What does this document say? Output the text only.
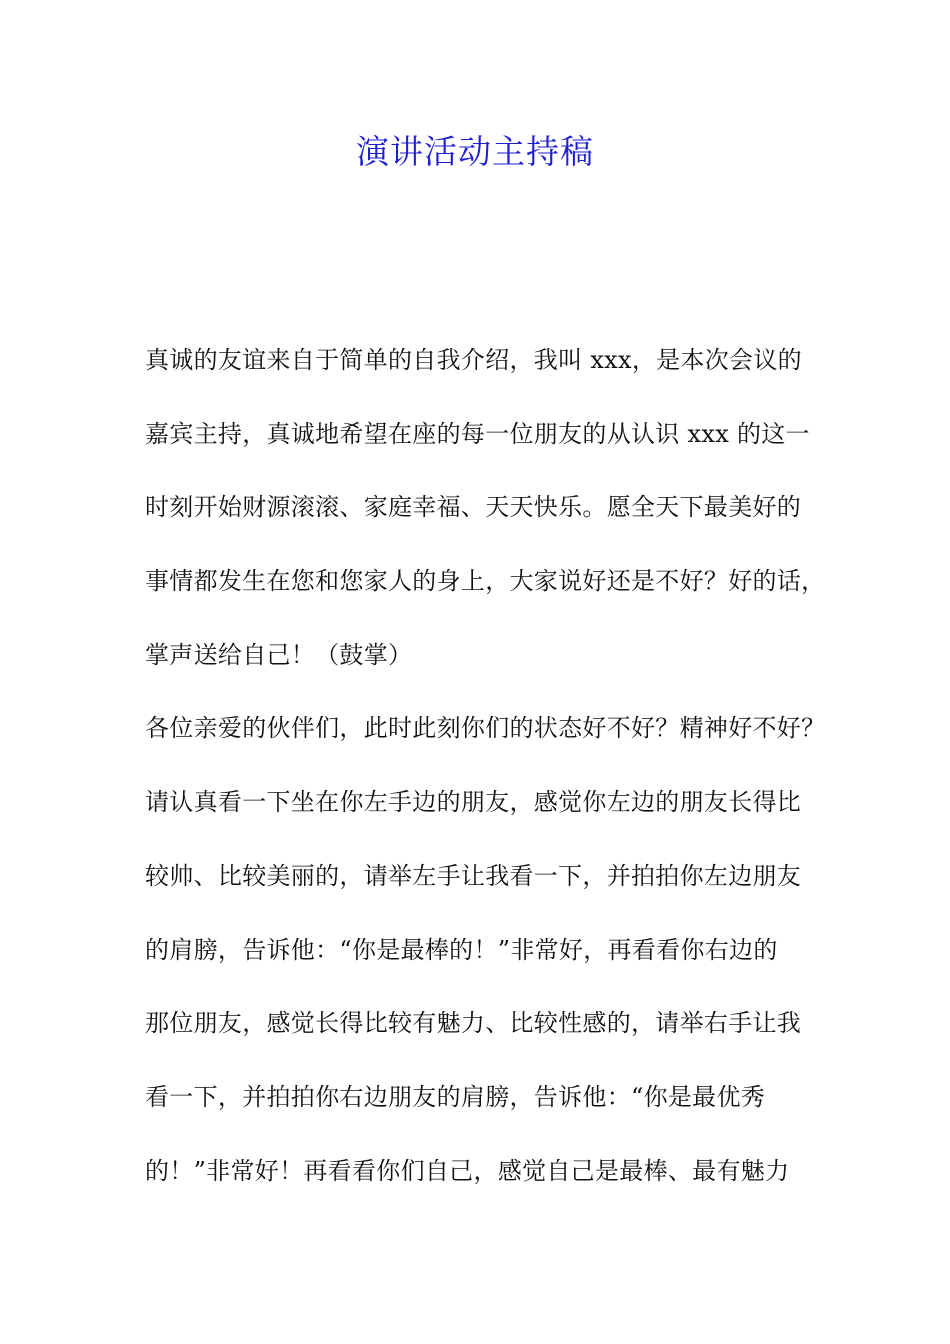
演讲活动主持稿
真诚的友谊来自于简单的自我介绍，我叫 xxx，是本次会议的
嘉宾主持，真诚地希望在座的每一位朋友的从认识 xxx 的这一
时刻开始财源滚滚、家庭幸福、天天快乐。愿全天下最美好的
事情都发生在您和您家人的身上，大家说好还是不好？好的话，
掌声送给自己！（鼓掌）
各位亲爱的伙伴们，此时此刻你们的状态好不好？精神好不好？
请认真看一下坐在你左手边的朋友，感觉你左边的朋友长得比
较帅、比较美丽的，请举左手让我看一下，并拍拍你左边朋友
的肩膀，告诉他：“你是最棒的！”非常好，再看看你右边的
那位朋友，感觉长得比较有魅力、比较性感的，请举右手让我
看一下，并拍拍你右边朋友的肩膀，告诉他：“你是最优秀
的！”非常好！再看看你们自己，感觉自己是最棒、最有魅力
